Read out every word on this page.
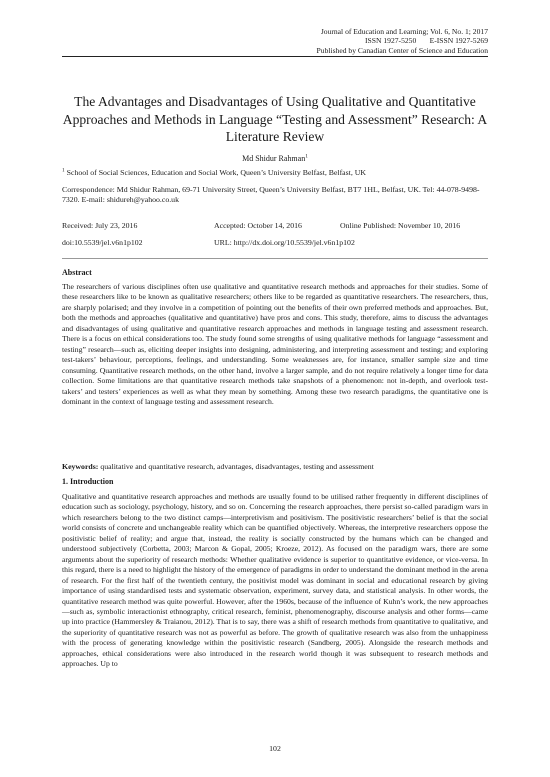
Journal of Education and Learning; Vol. 6, No. 1; 2017
ISSN 1927-5250       E-ISSN 1927-5269
Published by Canadian Center of Science and Education
The Advantages and Disadvantages of Using Qualitative and Quantitative Approaches and Methods in Language “Testing and Assessment” Research: A Literature Review
Md Shidur Rahman$^1$
$^1$ School of Social Sciences, Education and Social Work, Queen’s University Belfast, Belfast, UK
Correspondence: Md Shidur Rahman, 69-71 University Street, Queen’s University Belfast, BT7 1HL, Belfast, UK. Tel: 44-078-9498-7320. E-mail: shidureh@yahoo.co.uk
Received: July 23, 2016	Accepted: October 14, 2016	Online Published: November 10, 2016
doi:10.5539/jel.v6n1p102	URL: http://dx.doi.org/10.5539/jel.v6n1p102
Abstract
The researchers of various disciplines often use qualitative and quantitative research methods and approaches for their studies. Some of these researchers like to be known as qualitative researchers; others like to be regarded as quantitative researchers. The researchers, thus, are sharply polarised; and they involve in a competition of pointing out the benefits of their own preferred methods and approaches. But, both the methods and approaches (qualitative and quantitative) have pros and cons. This study, therefore, aims to discuss the advantages and disadvantages of using qualitative and quantitative research approaches and methods in language testing and assessment research. There is a focus on ethical considerations too. The study found some strengths of using qualitative methods for language “assessment and testing” research—such as, eliciting deeper insights into designing, administering, and interpreting assessment and testing; and exploring test-takers’ behaviour, perceptions, feelings, and understanding. Some weaknesses are, for instance, smaller sample size and time consuming. Quantitative research methods, on the other hand, involve a larger sample, and do not require relatively a longer time for data collection. Some limitations are that quantitative research methods take snapshots of a phenomenon: not in-depth, and overlook test-takers’ and testers’ experiences as well as what they mean by something. Among these two research paradigms, the quantitative one is dominant in the context of language testing and assessment research.
Keywords: qualitative and quantitative research, advantages, disadvantages, testing and assessment
1. Introduction
Qualitative and quantitative research approaches and methods are usually found to be utilised rather frequently in different disciplines of education such as sociology, psychology, history, and so on. Concerning the research approaches, there persist so-called paradigm wars in which researchers belong to the two distinct camps—interpretivism and positivism. The positivistic researchers’ belief is that the social world consists of concrete and unchangeable reality which can be quantified objectively. Whereas, the interpretive researchers oppose the positivistic belief of reality; and argue that, instead, the reality is socially constructed by the humans which can be changed and understood subjectively (Corbetta, 2003; Marcon & Gopal, 2005; Kroeze, 2012). As focused on the paradigm wars, there are some arguments about the superiority of research methods: Whether qualitative evidence is superior to quantitative evidence, or vice-versa. In this regard, there is a need to highlight the history of the emergence of paradigms in order to understand the dominant method in the arena of research. For the first half of the twentieth century, the positivist model was dominant in social and educational research by giving importance of using standardised tests and systematic observation, experiment, survey data, and statistical analysis. In other words, the quantitative research method was quite powerful. However, after the 1960s, because of the influence of Kuhn’s work, the new approaches—such as, symbolic interactionist ethnography, critical research, feminist, phenomenography, discourse analysis and other forms—came up into practice (Hammersley & Traianou, 2012). That is to say, there was a shift of research methods from quantitative to qualitative, and the superiority of quantitative research was not as powerful as before. The growth of qualitative research was also from the unhappiness with the process of generating knowledge within the positivistic research (Sandberg, 2005). Alongside the research methods and approaches, ethical considerations were also introduced in the research world though it was subsequent to research methods and approaches. Up to
102
